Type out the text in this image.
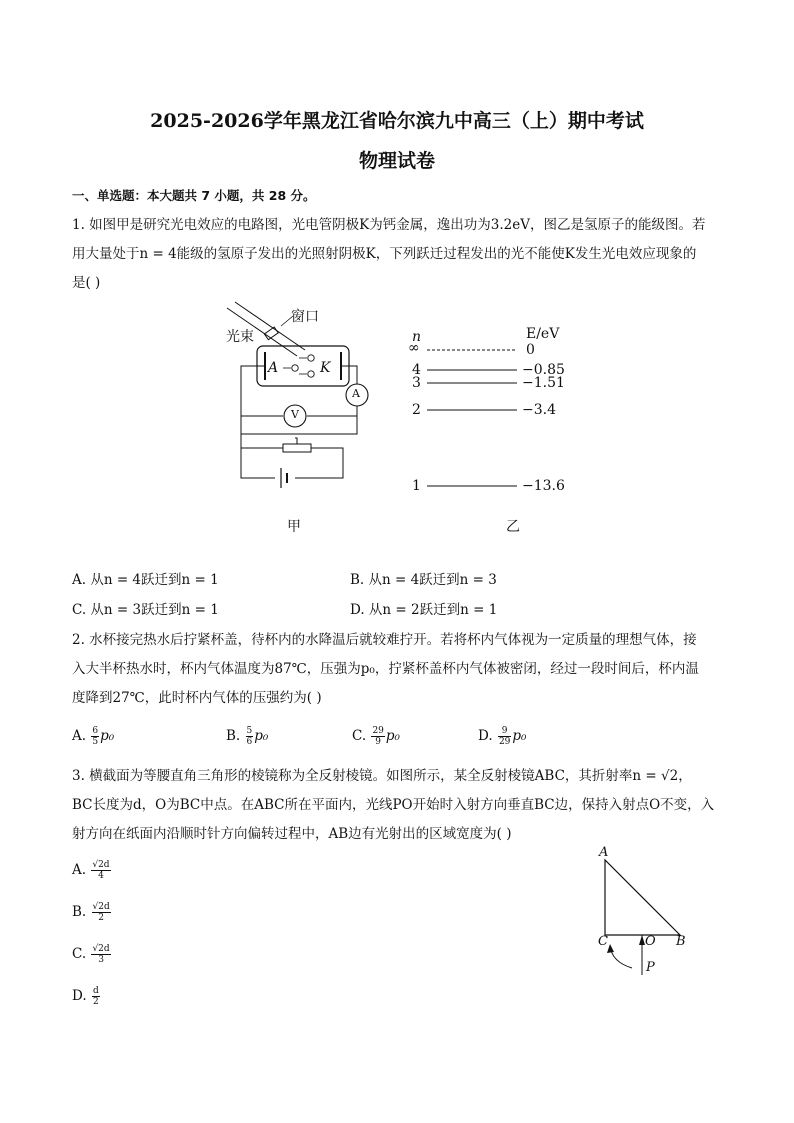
2025-2026学年黑龙江省哈尔滨九中高三（上）期中考试
物理试卷
一、单选题：本大题共 7 小题，共 28 分。
1. 如图甲是研究光电效应的电路图，光电管阴极K为钙金属，逸出功为3.2eV，图乙是氢原子的能级图。若
用大量处于n = 4能级的氢原子发出的光照射阴极K，下列跃迁过程发出的光不能使K发生光电效应现象的
是( )
窗口
光束
A	K
A
V
甲
n	E/eV
∞	0
4	−0.85
3	−1.51
2	−3.4
1	−13.6
乙
A. 从n = 4跃迁到n = 1	B. 从n = 4跃迁到n = 3
C. 从n = 3跃迁到n = 1	D. 从n = 2跃迁到n = 1
2. 水杯接完热水后拧紧杯盖，待杯内的水降温后就较难拧开。若将杯内气体视为一定质量的理想气体，接
入大半杯热水时，杯内气体温度为87℃，压强为p₀，拧紧杯盖杯内气体被密闭，经过一段时间后，杯内温
度降到27℃，此时杯内气体的压强约为( )
A. $\frac{6}{5} p_0$	B. $\frac{5}{6} p_0$	C. $\frac{29}{9} p_0$	D. $\frac{9}{29} p_0$
3. 横截面为等腰直角三角形的棱镜称为全反射棱镜。如图所示，某全反射棱镜ABC，其折射率n = √2，
BC长度为d，O为BC中点。在ABC所在平面内，光线PO开始时入射方向垂直BC边，保持入射点O不变，入
射方向在纸面内沿顺时针方向偏转过程中，AB边有光射出的区域宽度为( )
A. $\frac{√2d}{4}$
B. $\frac{√2d}{2}$
C. $\frac{√2d}{3}$
D. $\frac{d}{2}$
A
C	O B
P
